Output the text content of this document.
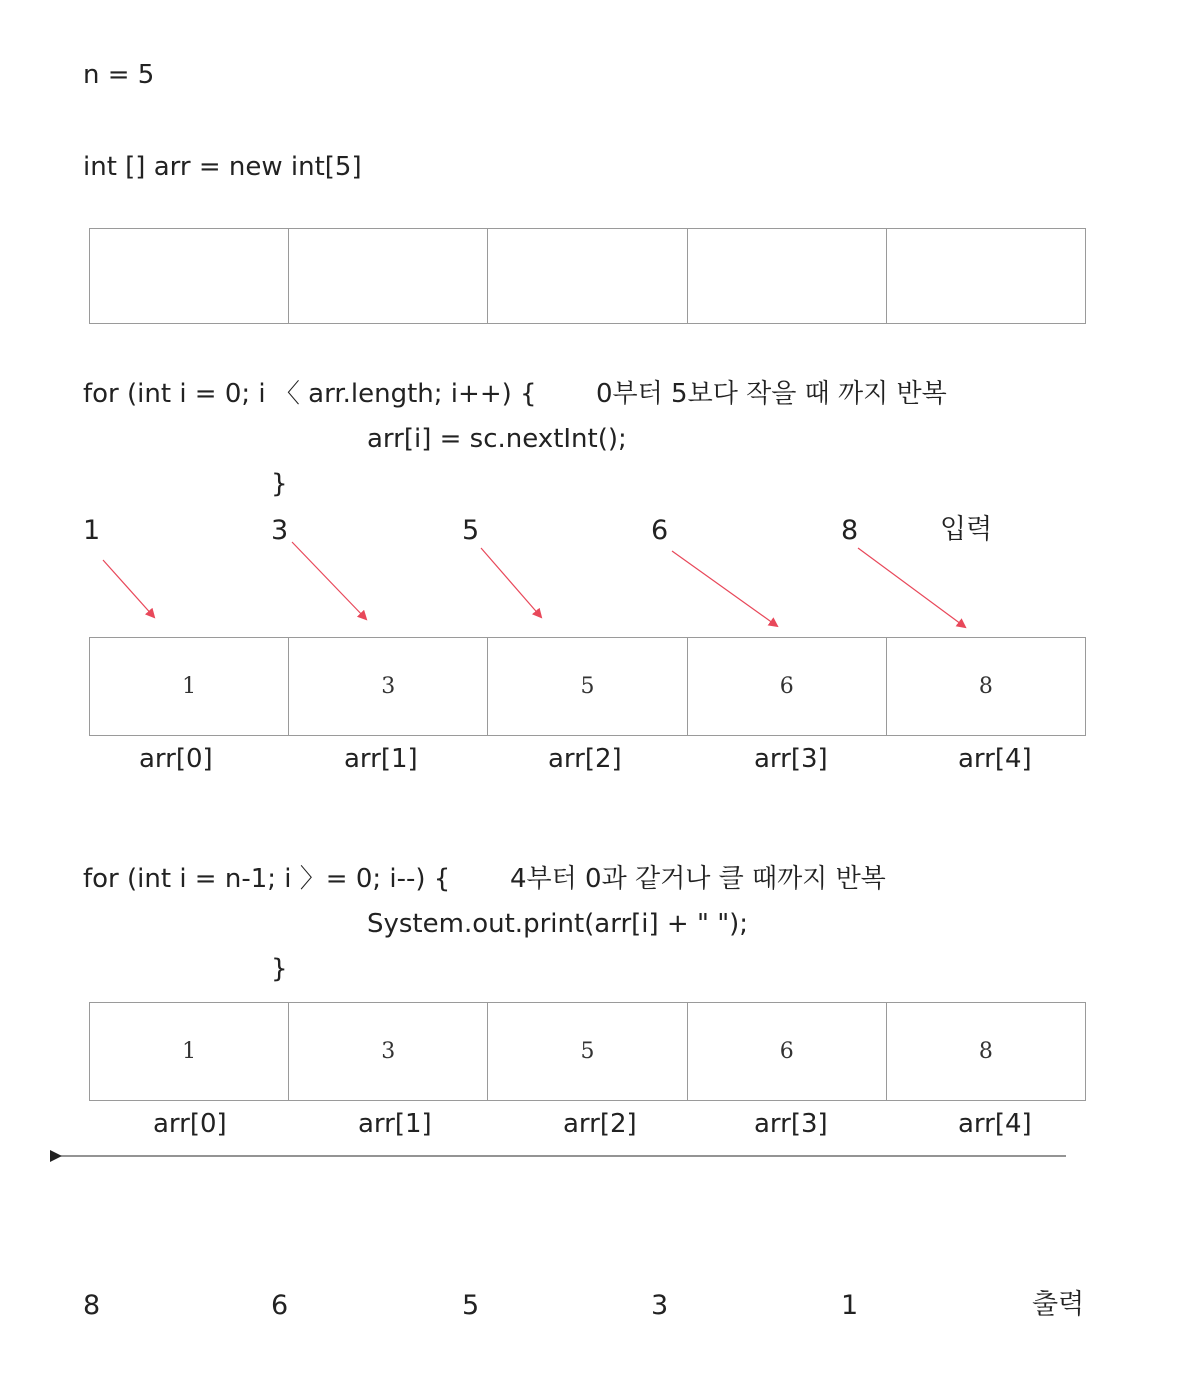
n = 5
int [] arr = new int[5]
for (int i = 0; i 〈 arr.length; i++) { 0부터 5보다 작을 때 까지 반복
arr[i] = sc.nextInt();
}
1	3	5	6	8	입력
1	3	5	6	8
arr[0]	arr[1]	arr[2]	arr[3]	arr[4]
for (int i = n-1; i 〉= 0; i--) { 4부터 0과 같거나 클 때까지 반복
System.out.print(arr[i] + " ");
}
1	3	5	6	8
arr[0]	arr[1]	arr[2]	arr[3]	arr[4]
8	6	5	3	1	출력
